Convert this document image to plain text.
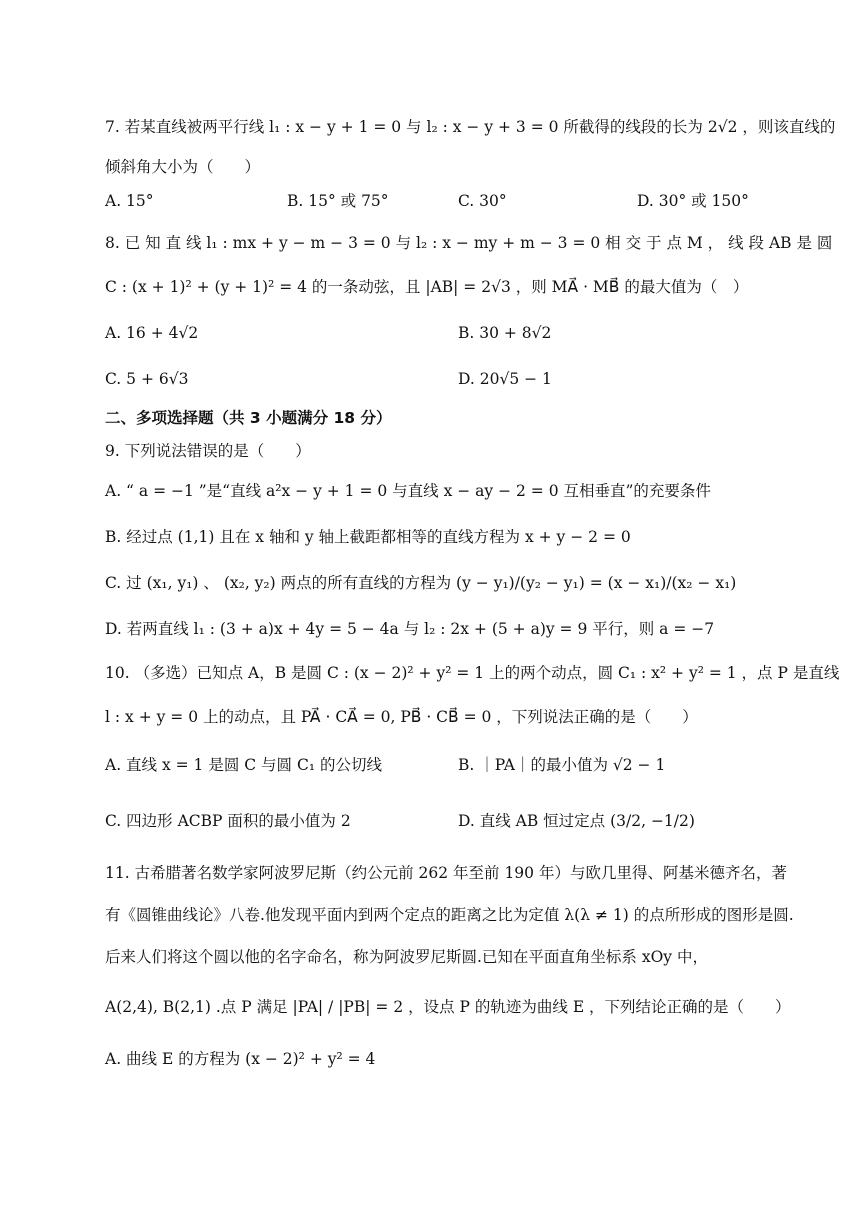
7. 若某直线被两平行线 l₁ : x − y + 1 = 0 与 l₂ : x − y + 3 = 0 所截得的线段的长为 2√2 ，则该直线的
倾斜角大小为（　　）
A. 15°	B. 15° 或 75°	C. 30°	D. 30° 或 150°
8. 已 知 直 线 l₁ : mx + y − m − 3 = 0 与 l₂ : x − my + m − 3 = 0 相 交 于 点 M ， 线 段 AB 是 圆
C : (x + 1)² + (y + 1)² = 4 的一条动弦，且 |AB| = 2√3 ，则 MA⃗ · MB⃗ 的最大值为（　）
A. 16 + 4√2	B. 30 + 8√2
C. 5 + 6√3	D. 20√5 − 1
二、多项选择题（共 3 小题满分 18 分）
9. 下列说法错误的是（　　）
A. “ a = −1 ”是“直线 a²x − y + 1 = 0 与直线 x − ay − 2 = 0 互相垂直”的充要条件
B. 经过点 (1,1) 且在 x 轴和 y 轴上截距都相等的直线方程为 x + y − 2 = 0
C. 过 (x₁, y₁) 、 (x₂, y₂) 两点的所有直线的方程为 (y − y₁)/(y₂ − y₁) = (x − x₁)/(x₂ − x₁)
D. 若两直线 l₁ : (3 + a)x + 4y = 5 − 4a 与 l₂ : 2x + (5 + a)y = 9 平行，则 a = −7
10. （多选）已知点 A，B 是圆 C : (x − 2)² + y² = 1 上的两个动点，圆 C₁ : x² + y² = 1 ，点 P 是直线
l : x + y = 0 上的动点，且 PA⃗ · CA⃗ = 0, PB⃗ · CB⃗ = 0 ，下列说法正确的是（　　）
A. 直线 x = 1 是圆 C 与圆 C₁ 的公切线	B. ｜PA｜的最小值为 √2 − 1
C. 四边形 ACBP 面积的最小值为 2	D. 直线 AB 恒过定点 (3/2, −1/2)
11. 古希腊著名数学家阿波罗尼斯（约公元前 262 年至前 190 年）与欧几里得、阿基米德齐名，著
有《圆锥曲线论》八卷.他发现平面内到两个定点的距离之比为定值 λ(λ ≠ 1) 的点所形成的图形是圆.
后来人们将这个圆以他的名字命名，称为阿波罗尼斯圆.已知在平面直角坐标系 xOy 中，
A(2,4), B(2,1) .点 P 满足 |PA| / |PB| = 2 ，设点 P 的轨迹为曲线 E ，下列结论正确的是（　　）
A. 曲线 E 的方程为 (x − 2)² + y² = 4
